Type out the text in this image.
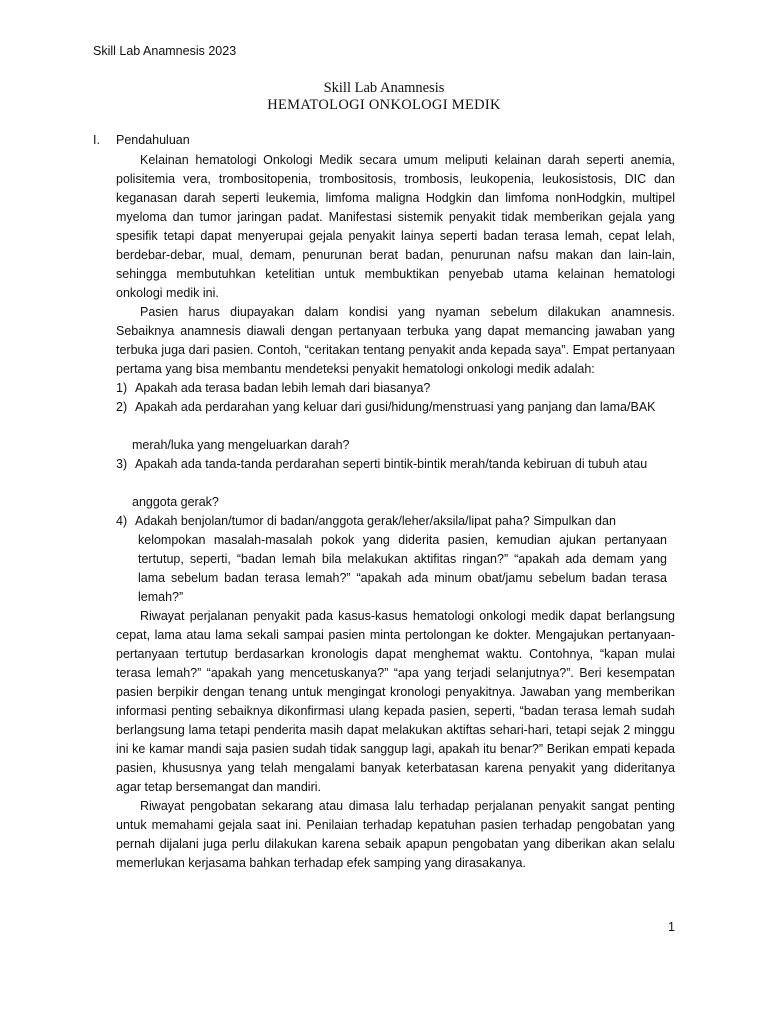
Skill Lab Anamnesis 2023
Skill Lab Anamnesis
HEMATOLOGI ONKOLOGI MEDIK
I. Pendahuluan

Kelainan hematologi Onkologi Medik secara umum meliputi kelainan darah seperti anemia, polisitemia vera, trombositopenia, trombositosis, trombosis, leukopenia, leukosistosis, DIC dan keganasan darah seperti leukemia, limfoma maligna Hodgkin dan limfoma nonHodgkin, multipel myeloma dan tumor jaringan padat. Manifestasi sistemik penyakit tidak memberikan gejala yang spesifik tetapi dapat menyerupai gejala penyakit lainya seperti badan terasa lemah, cepat lelah, berdebar-debar, mual, demam, penurunan berat badan, penurunan nafsu makan dan lain-lain, sehingga membutuhkan ketelitian untuk membuktikan penyebab utama kelainan hematologi onkologi medik ini.

Pasien harus diupayakan dalam kondisi yang nyaman sebelum dilakukan anamnesis. Sebaiknya anamnesis diawali dengan pertanyaan terbuka yang dapat memancing jawaban yang terbuka juga dari pasien. Contoh, “ceritakan tentang penyakit anda kepada saya”. Empat pertanyaan pertama yang bisa membantu mendeteksi penyakit hematologi onkologi medik adalah:

1) Apakah ada terasa badan lebih lemah dari biasanya?
2) Apakah ada perdarahan yang keluar dari gusi/hidung/menstruasi yang panjang dan lama/BAK

merah/luka yang mengeluarkan darah?

3) Apakah ada tanda-tanda perdarahan seperti bintik-bintik merah/tanda kebiruan di tubuh atau

anggota gerak?

4) Adakah benjolan/tumor di badan/anggota gerak/leher/aksila/lipat paha? Simpulkan dan

kelompokan masalah-masalah pokok yang diderita pasien, kemudian ajukan pertanyaan tertutup, seperti, “badan lemah bila melakukan aktifitas ringan?” “apakah ada demam yang lama sebelum badan terasa lemah?” “apakah ada minum obat/jamu sebelum badan terasa lemah?”

Riwayat perjalanan penyakit pada kasus-kasus hematologi onkologi medik dapat berlangsung cepat, lama atau lama sekali sampai pasien minta pertolongan ke dokter. Mengajukan pertanyaan-pertanyaan tertutup berdasarkan kronologis dapat menghemat waktu. Contohnya, “kapan mulai terasa lemah?” “apakah yang mencetuskanya?” “apa yang terjadi selanjutnya?”. Beri kesempatan pasien berpikir dengan tenang untuk mengingat kronologi penyakitnya. Jawaban yang memberikan informasi penting sebaiknya dikonfirmasi ulang kepada pasien, seperti, “badan terasa lemah sudah berlangsung lama tetapi penderita masih dapat melakukan aktiftas sehari-hari, tetapi sejak 2 minggu ini ke kamar mandi saja pasien sudah tidak sanggup lagi, apakah itu benar?” Berikan empati kepada pasien, khususnya yang telah mengalami banyak keterbatasan karena penyakit yang dideritanya agar tetap bersemangat dan mandiri.

Riwayat pengobatan sekarang atau dimasa lalu terhadap perjalanan penyakit sangat penting untuk memahami gejala saat ini. Penilaian terhadap kepatuhan pasien terhadap pengobatan yang pernah dijalani juga perlu dilakukan karena sebaik apapun pengobatan yang diberikan akan selalu memerlukan kerjasama bahkan terhadap efek samping yang dirasakanya.

1
